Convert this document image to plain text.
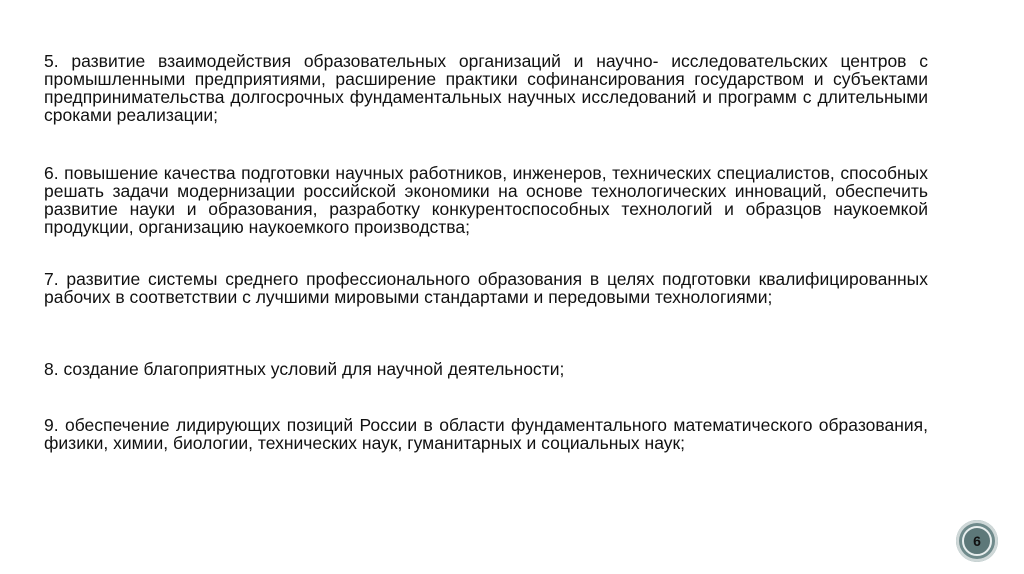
5. развитие взаимодействия образовательных организаций и научно- исследовательских центров с промышленными предприятиями, расширение практики софинансирования государством и субъектами предпринимательства долгосрочных фундаментальных научных исследований и программ с длительными сроками реализации;

6. повышение качества подготовки научных работников, инженеров, технических специалистов, способных решать задачи модернизации российской экономики на основе технологических инноваций, обеспечить развитие науки и образования, разработку конкурентоспособных технологий и образцов наукоемкой продукции, организацию наукоемкого производства;

7. развитие системы среднего профессионального образования в целях подготовки квалифицированных рабочих в соответствии с лучшими мировыми стандартами и передовыми технологиями;

8. создание благоприятных условий для научной деятельности;

9. обеспечение лидирующих позиций России в области фундаментального математического образования, физики, химии, биологии, технических наук, гуманитарных и социальных наук;

6
